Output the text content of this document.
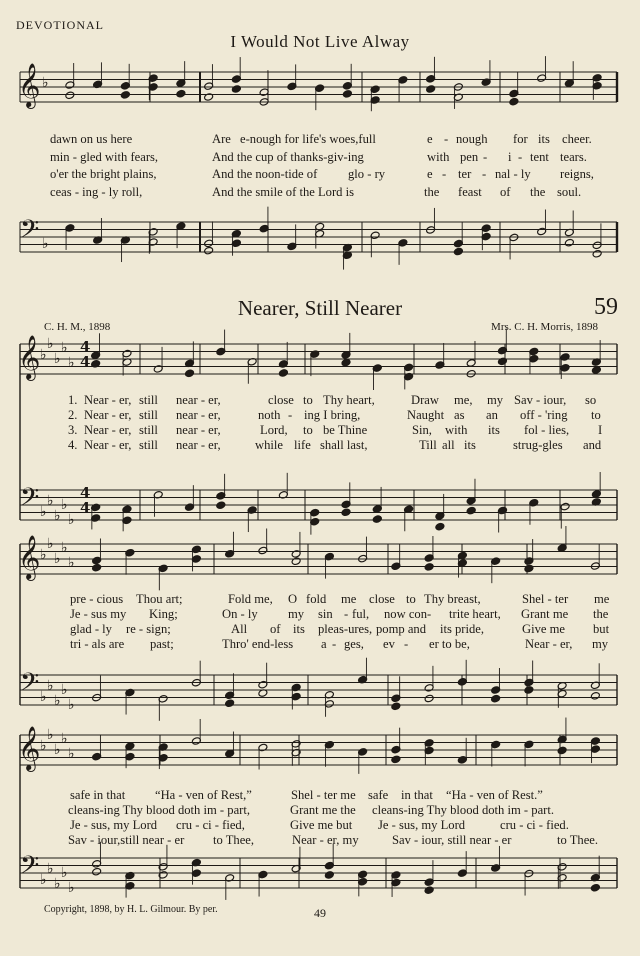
𝄞 ♭
𝄢 ♭
𝄞 ♭
♭
♭
♭
♭
𝄢 ♭
♭
♭
♭
♭
𝄞 ♭
♭
♭
♭
♭
𝄢 ♭
♭
♭
♭
♭
𝄞 ♭
♭
♭
♭
♭
𝄢 ♭
♭
♭
♭
♭
4
4
4
4
DEVOTIONAL
I Would Not Live Alway

dawn on us here	Are e-nough for life's woes,full	e - nough for its cheer.

min - gled with fears,	And the cup of thanks-giv-ing	with pen - i - tent tears.

o'er the bright plains,	And the noon-tide of glo - ry	e - ter - nal - ly reigns,

ceas - ing - ly roll,	And the smile of the Lord is	the feast of the soul.

Nearer, Still Nearer	59
C. H. M., 1898	Mrs. C. H. Morris, 1898

1. Near - er, still near - er,	close to Thy heart,	Draw me, my Sav - iour, so

2. Near - er, still near - er,	noth - ing I bring,	Naught as an off - 'ring to

3. Near - er, still near - er,	Lord, to be Thine	Sin, with its fol - lies, I

4. Near - er, still near - er,	while life shall last,	Till all its	strug-gles and

pre - cious Thou art;	Fold me, O fold me close to Thy breast,	Shel - ter me

Je - sus my King;	On - ly my sin - ful, now con- trite heart, Grant me the

glad - ly re - sign;	All of its pleas-ures, pomp and its pride,	Give me but

tri - als are past;	Thro' end-less a - ges, ev - er to be,	Near - er, my

safe in that “Ha - ven of Rest,”	Shel - ter me safe in that “Ha - ven of Rest.”

cleans-ing Thy blood doth im - part,	Grant me the cleans-ing Thy blood doth im - part.

Je - sus, my Lord cru - ci - fied,	Give me but Je - sus, my Lord	cru - ci - fied.

Sav - iour,still near - er to Thee,	Near - er, my	Sav - iour, still near - er	to Thee.

Copyright, 1898, by H. L. Gilmour. By per.	49
